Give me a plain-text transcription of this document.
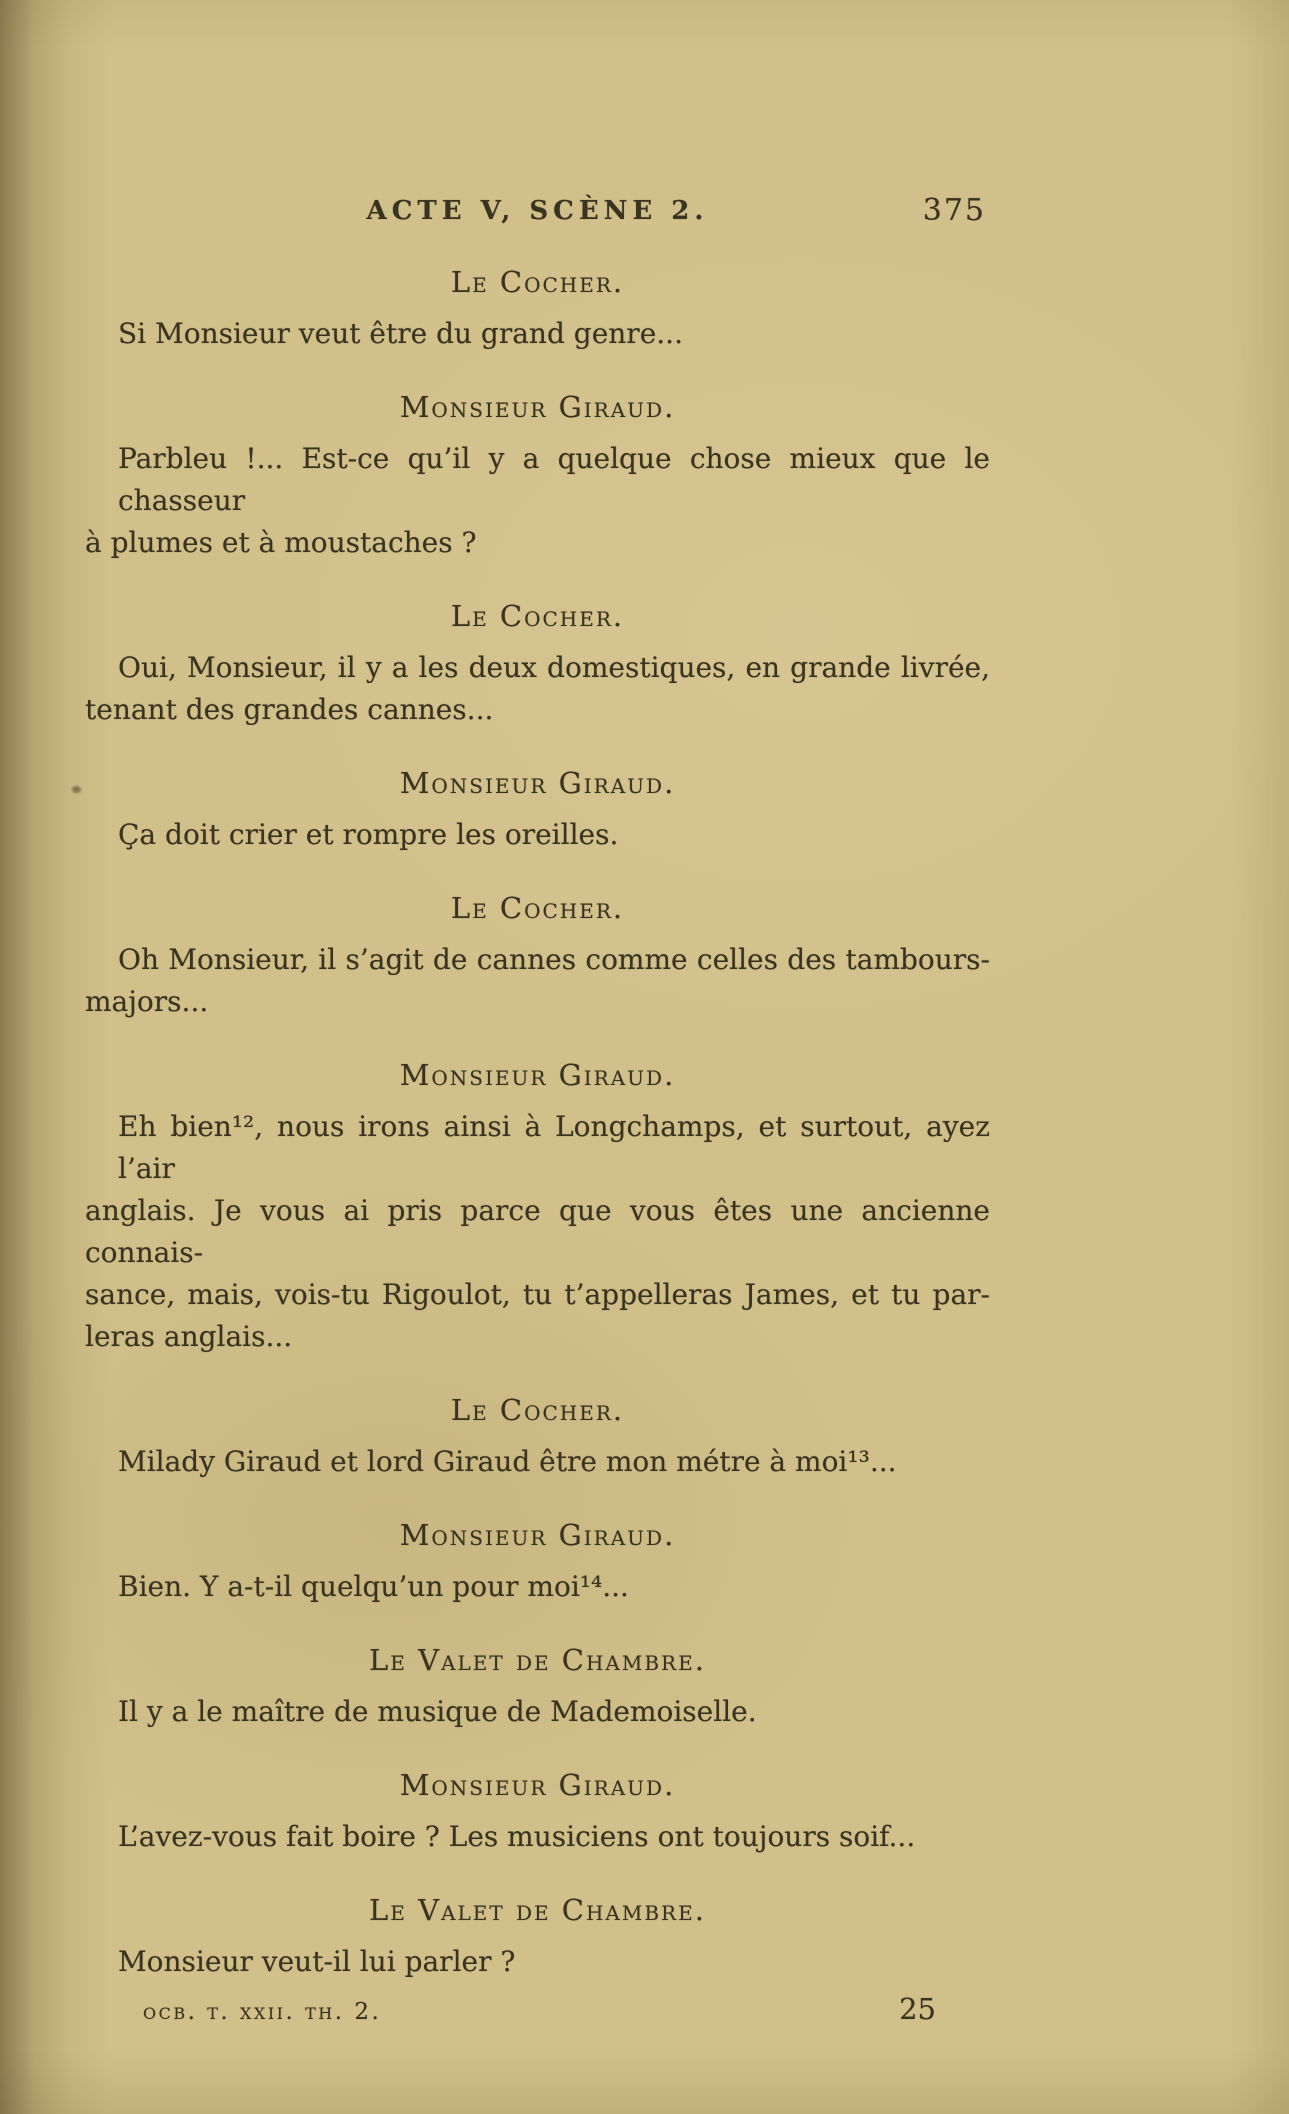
ACTE V, SCÈNE 2.	375
Le Cocher.
Si Monsieur veut être du grand genre...
Monsieur Giraud.
Parbleu !... Est-ce qu’il y a quelque chose mieux que le chasseur
à plumes et à moustaches ?
Le Cocher.
Oui, Monsieur, il y a les deux domestiques, en grande livrée,
tenant des grandes cannes...
Monsieur Giraud.
Ça doit crier et rompre les oreilles.
Le Cocher.
Oh Monsieur, il s’agit de cannes comme celles des tambours-
majors...
Monsieur Giraud.
Eh bien¹², nous irons ainsi à Longchamps, et surtout, ayez l’air
anglais. Je vous ai pris parce que vous êtes une ancienne connais-
sance, mais, vois-tu Rigoulot, tu t’appelleras James, et tu par-
leras anglais...
Le Cocher.
Milady Giraud et lord Giraud être mon métre à moi¹³...
Monsieur Giraud.
Bien. Y a-t-il quelqu’un pour moi¹⁴...
Le Valet de Chambre.
Il y a le maître de musique de Mademoiselle.
Monsieur Giraud.
L’avez-vous fait boire ? Les musiciens ont toujours soif...
Le Valet de Chambre.
Monsieur veut-il lui parler ?
ocb. t. xxii. th. 2.	25
